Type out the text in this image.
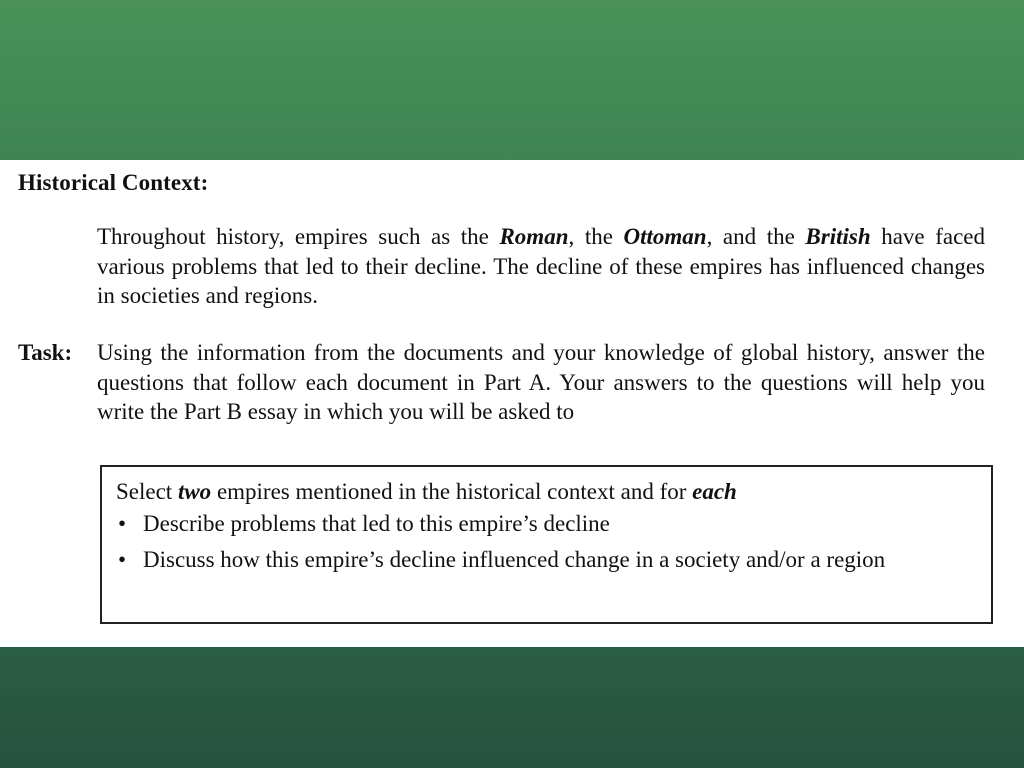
Historical Context:
Throughout history, empires such as the Roman, the Ottoman, and the British have faced various problems that led to their decline. The decline of these empires has influenced changes in societies and regions.
Task: Using the information from the documents and your knowledge of global history, answer the questions that follow each document in Part A. Your answers to the questions will help you write the Part B essay in which you will be asked to

Select two empires mentioned in the historical context and for each

• Describe problems that led to this empire’s decline
• Discuss how this empire’s decline influenced change in a society and/or a region
